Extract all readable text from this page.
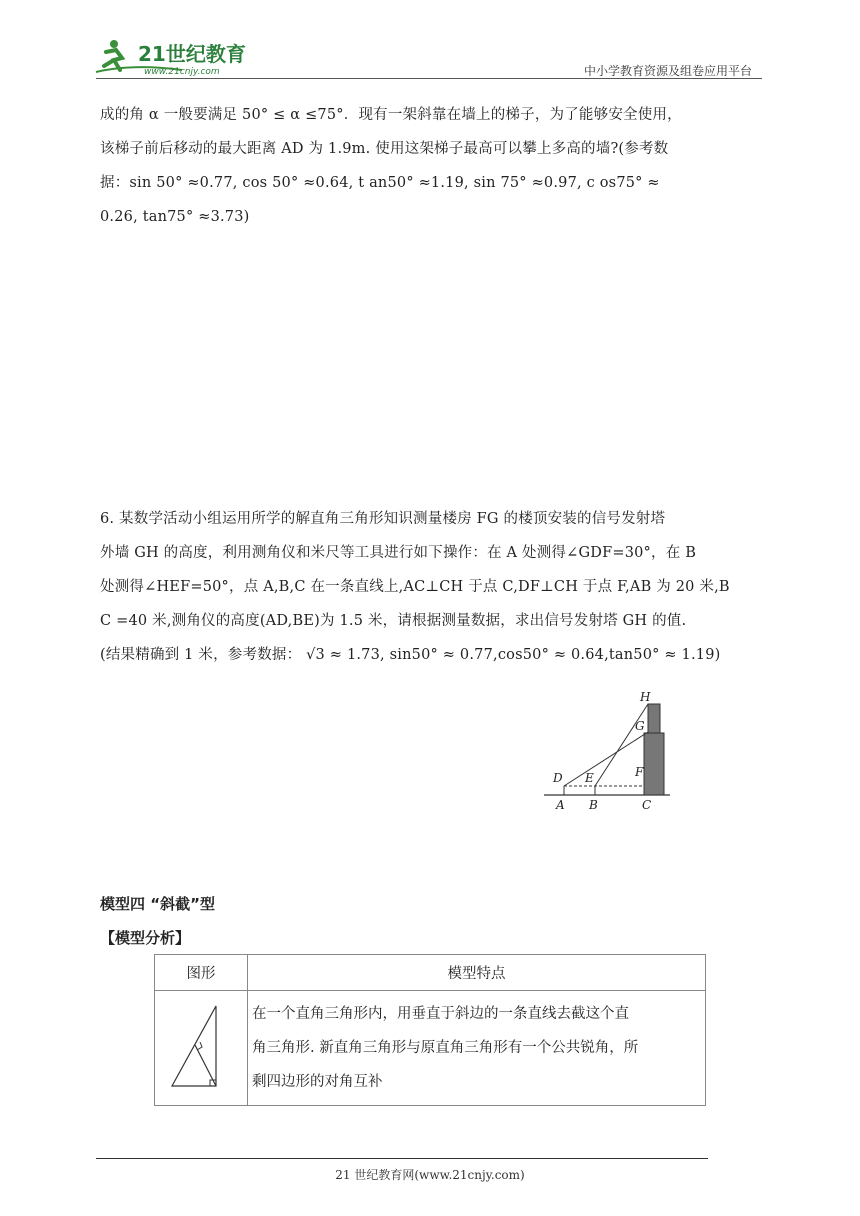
21世纪教育
www.21cnjy.com	中小学教育资源及组卷应用平台

成的角 α 一般要满足 50° ≤ α ≤75°．现有一架斜靠在墙上的梯子，为了能够安全使用，

该梯子前后移动的最大距离 AD 为 1.9m. 使用这架梯子最高可以攀上多高的墙?(参考数

据：sin 50° ≈0.77, cos 50° ≈0.64, t an50° ≈1.19, sin 75° ≈0.97, c os75° ≈

0.26, tan75° ≈3.73)

6. 某数学活动小组运用所学的解直角三角形知识测量楼房 FG 的楼顶安装的信号发射塔

外墙 GH 的高度，利用测角仪和米尺等工具进行如下操作：在 A 处测得∠GDF=30°，在 B

处测得∠HEF=50°，点 A,B,C 在一条直线上,AC⊥CH 于点 C,DF⊥CH 于点 F,AB 为 20 米,B

C =40 米,测角仪的高度(AD,BE)为 1.5 米，请根据测量数据，求出信号发射塔 GH 的值.

(结果精确到 1 米，参考数据： √3 ≈ 1.73, sin50° ≈ 0.77,cos50° ≈ 0.64,tan50° ≈ 1.19)

H
G
F
D E
A B	C
模型四 “斜截”型
【模型分析】
图形	模型特点

在一个直角三角形内，用垂直于斜边的一条直线去截这个直
角三角形. 新直角三角形与原直角三角形有一个公共锐角，所
剩四边形的对角互补
21 世纪教育网(www.21cnjy.com)
